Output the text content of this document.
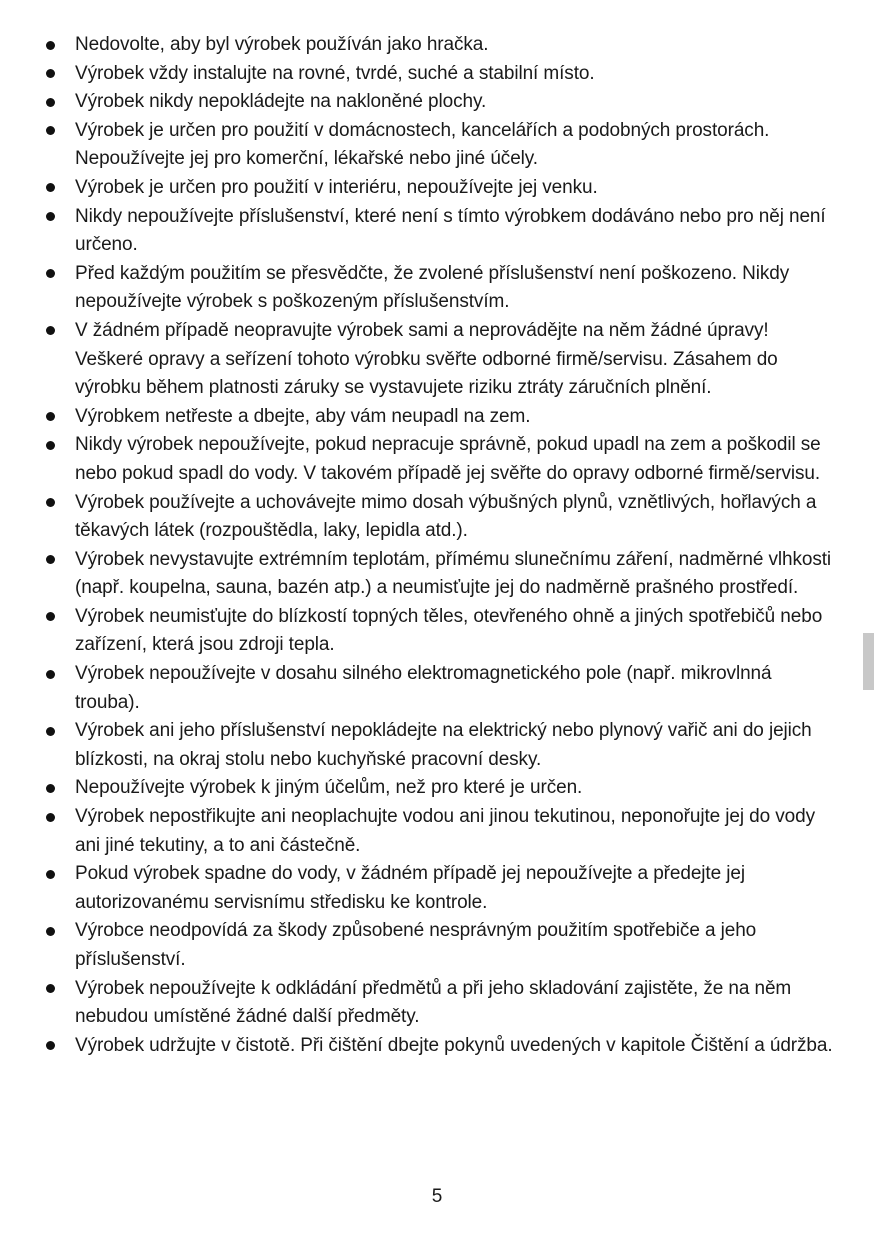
Nedovolte, aby byl výrobek používán jako hračka.
Výrobek vždy instalujte na rovné, tvrdé, suché a stabilní místo.
Výrobek nikdy nepokládejte na nakloněné plochy.
Výrobek je určen pro použití v domácnostech, kancelářích a podobných prostorách. Nepoužívejte jej pro komerční, lékařské nebo jiné účely.
Výrobek je určen pro použití v interiéru, nepoužívejte jej venku.
Nikdy nepoužívejte příslušenství, které není s tímto výrobkem dodáváno nebo pro něj není určeno.
Před každým použitím se přesvědčte, že zvolené příslušenství není poškozeno. Nikdy nepoužívejte výrobek s poškozeným příslušenstvím.
V žádném případě neopravujte výrobek sami a neprovádějte na něm žádné úpravy! Veškeré opravy a seřízení tohoto výrobku svěřte odborné firmě/servisu. Zásahem do výrobku během platnosti záruky se vystavujete riziku ztráty záručních plnění.
Výrobkem netřeste a dbejte, aby vám neupadl na zem.
Nikdy výrobek nepoužívejte, pokud nepracuje správně, pokud upadl na zem a poškodil se nebo pokud spadl do vody. V takovém případě jej svěřte do opravy odborné firmě/servisu.
Výrobek používejte a uchovávejte mimo dosah výbušných plynů, vznětlivých, hořlavých a těkavých látek (rozpouštědla, laky, lepidla atd.).
Výrobek nevystavujte extrémním teplotám, přímému slunečnímu záření, nadměrné vlhkosti (např. koupelna, sauna, bazén atp.) a neumisťujte jej do nadměrně prašného prostředí.
Výrobek neumisťujte do blízkostí topných těles, otevřeného ohně a jiných spotřebičů nebo zařízení, která jsou zdroji tepla.
Výrobek nepoužívejte v dosahu silného elektromagnetického pole (např. mikrovlnná trouba).
Výrobek ani jeho příslušenství nepokládejte na elektrický nebo plynový vařič ani do jejich blízkosti, na okraj stolu nebo kuchyňské pracovní desky.
Nepoužívejte výrobek k jiným účelům, než pro které je určen.
Výrobek nepostřikujte ani neoplachujte vodou ani jinou tekutinou, neponořujte jej do vody ani jiné tekutiny, a to ani částečně.
Pokud výrobek spadne do vody, v žádném případě jej nepoužívejte a předejte jej autorizovanému servisnímu středisku ke kontrole.
Výrobce neodpovídá za škody způsobené nesprávným použitím spotřebiče a jeho příslušenství.
Výrobek nepoužívejte k odkládání předmětů a při jeho skladování zajistěte, že na něm nebudou umístěné žádné další předměty.
Výrobek udržujte v čistotě. Při čištění dbejte pokynů uvedených v kapitole Čištění a údržba.
5
